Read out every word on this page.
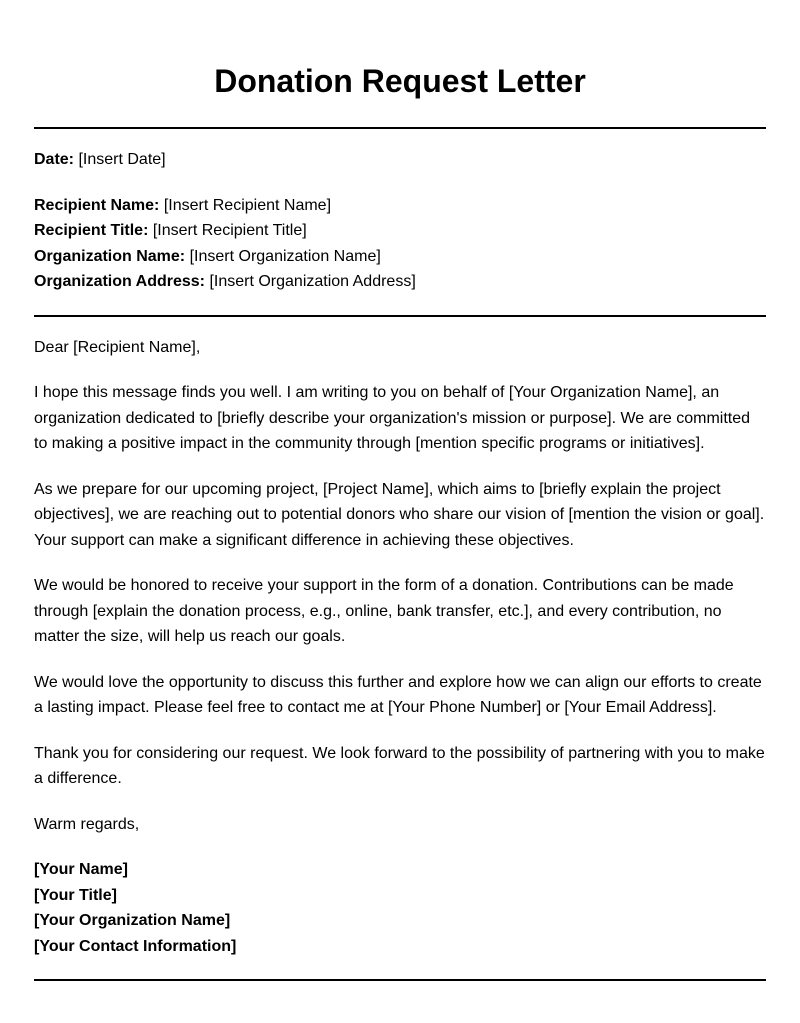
Donation Request Letter

Date: [Insert Date]

Recipient Name: [Insert Recipient Name]

Recipient Title: [Insert Recipient Title]

Organization Name: [Insert Organization Name]

Organization Address: [Insert Organization Address]

Dear [Recipient Name],

I hope this message finds you well. I am writing to you on behalf of [Your Organization Name], an organization dedicated to [briefly describe your organization's mission or purpose]. We are committed to making a positive impact in the community through [mention specific programs or initiatives].

As we prepare for our upcoming project, [Project Name], which aims to [briefly explain the project objectives], we are reaching out to potential donors who share our vision of [mention the vision or goal]. Your support can make a significant difference in achieving these objectives.

We would be honored to receive your support in the form of a donation. Contributions can be made through [explain the donation process, e.g., online, bank transfer, etc.], and every contribution, no matter the size, will help us reach our goals.

We would love the opportunity to discuss this further and explore how we can align our efforts to create a lasting impact. Please feel free to contact me at [Your Phone Number] or [Your Email Address].

Thank you for considering our request. We look forward to the possibility of partnering with you to make a difference.

Warm regards,

[Your Name]

[Your Title]

[Your Organization Name]

[Your Contact Information]
